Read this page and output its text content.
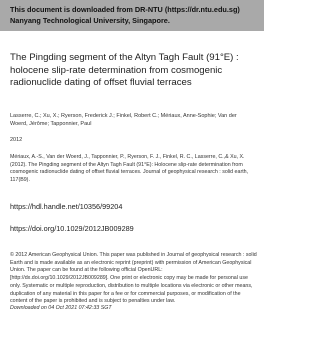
This document is downloaded from DR‑NTU (https://dr.ntu.edu.sg)
Nanyang Technological University, Singapore.
The Pingding segment of the Altyn Tagh Fault (91°E) : holocene slip‑rate determination from cosmogenic radionuclide dating of offset fluvial terraces
Lasserre, C.; Xu, X.; Ryerson, Frederick J.; Finkel, Robert C.; Mériaux, Anne‑Sophie; Van der Woerd, Jérôme; Tapponnier, Paul
2012
Mériaux, A.‑S., Van der Woerd, J., Tapponnier, P., Ryerson, F. J., Finkel, R. C., Lasserre, C.,& Xu, X. (2012). The Pingding segment of the Altyn Tagh Fault (91°E): Holocene slip‑rate determination from cosmogenic radionuclide dating of offset fluvial terraces. Journal of geophysical research : solid earth, 117(B9).
https://hdl.handle.net/10356/99204
https://doi.org/10.1029/2012JB009289
© 2012 American Geophysical Union. This paper was published in Journal of geophysical research : solid Earth and is made available as an electronic reprint (preprint) with permission of American Geophysical Union. The paper can be found at the following official OpenURL: [http://dx.doi.org/10.1029/2012JB009289]. One print or electronic copy may be made for personal use only. Systematic or multiple reproduction, distribution to multiple locations via electronic or other means, duplication of any material in this paper for a fee or for commercial purposes, or modification of the content of the paper is prohibited and is subject to penalties under law.
Downloaded on 04 Oct 2021 07:42:33 SGT
